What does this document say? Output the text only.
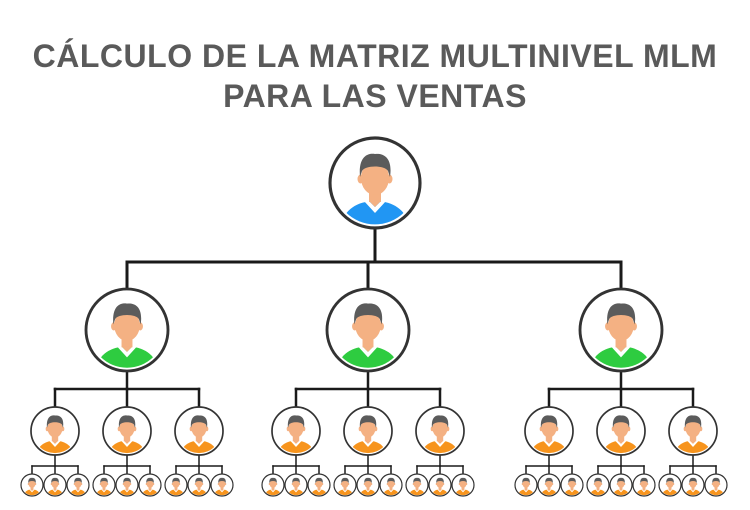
CÁLCULO DE LA MATRIZ MULTINIVEL MLM
PARA LAS VENTAS
